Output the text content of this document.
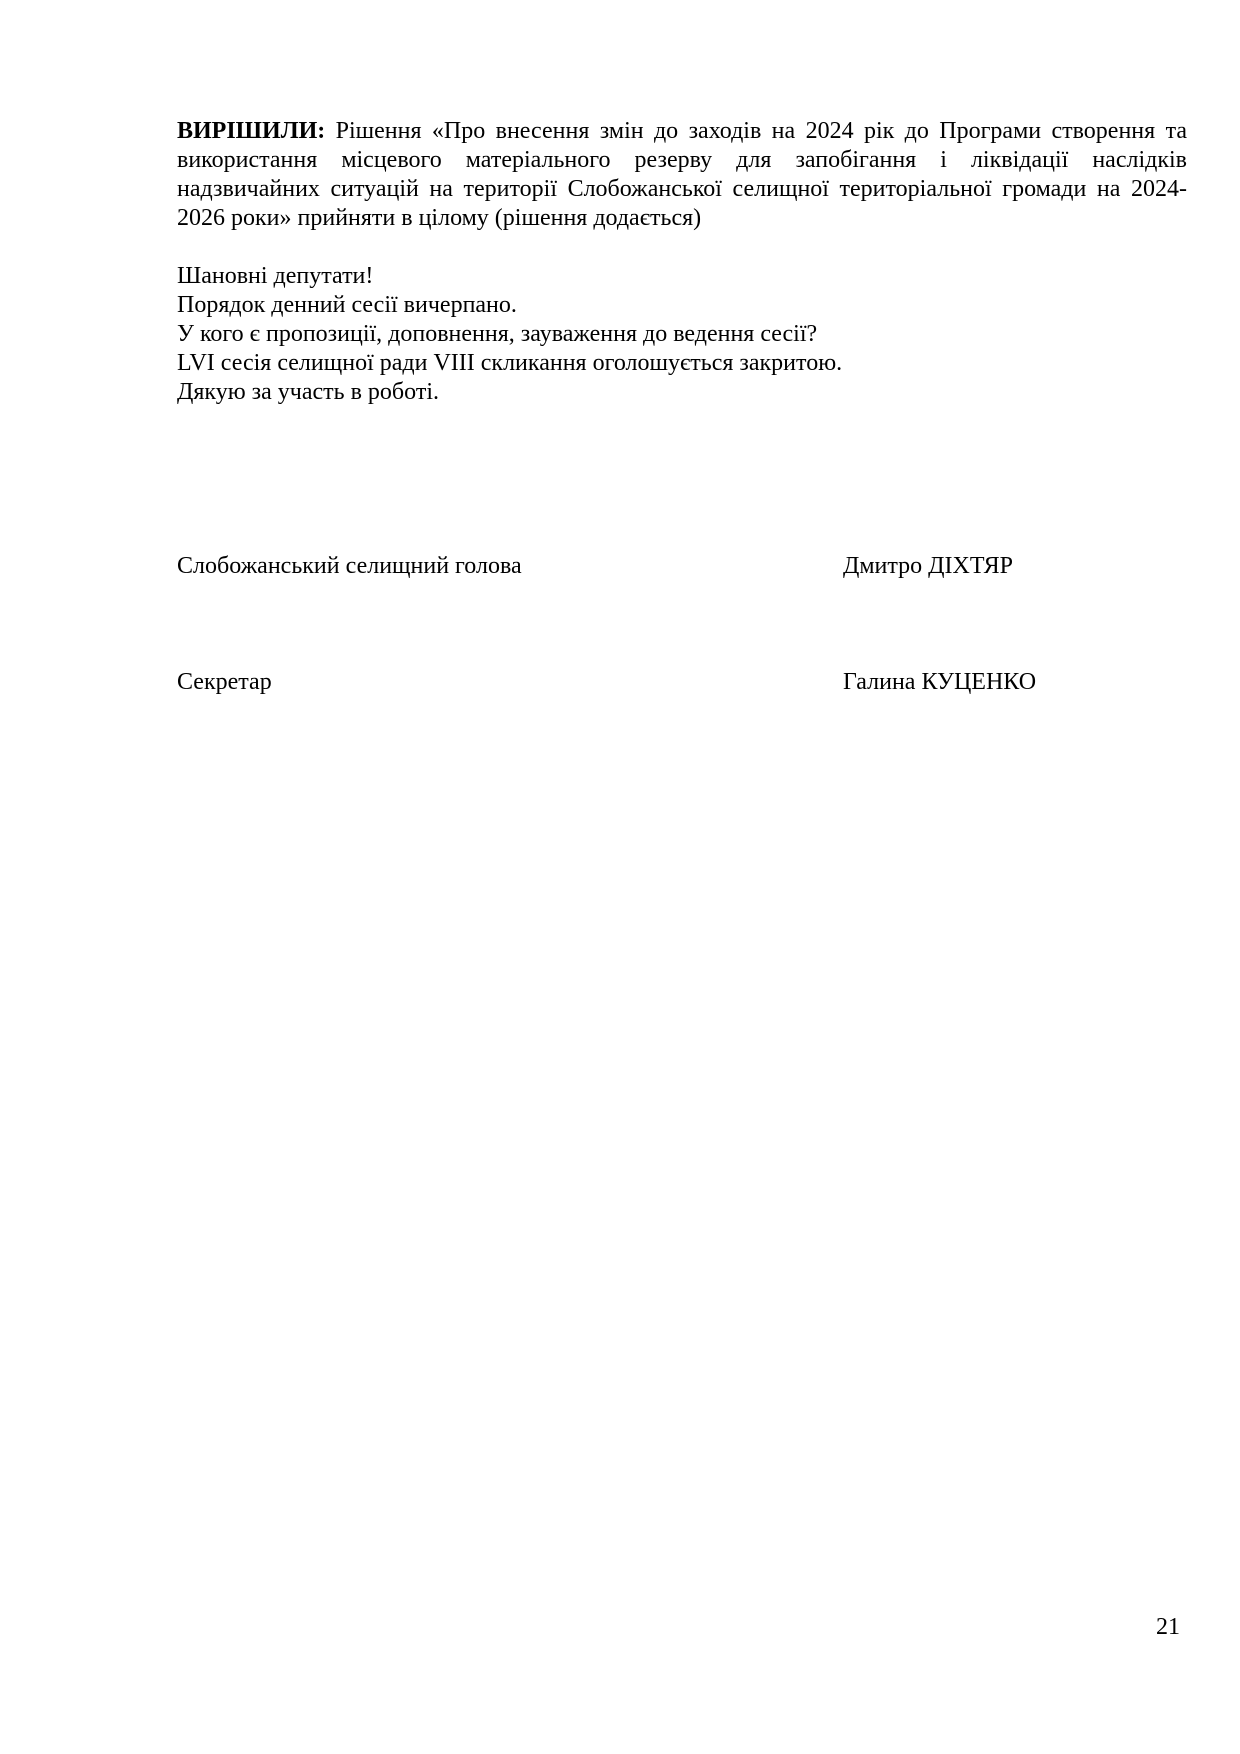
ВИРІШИЛИ: Рішення «Про внесення змін до заходів на 2024 рік до Програми створення та використання місцевого матеріального резерву для запобігання і ліквідації наслідків надзвичайних ситуацій на території Слобожанської селищної територіальної громади на 2024-2026 роки» прийняти в цілому (рішення додається)

Шановні депутати!
Порядок денний сесії вичерпано.
У кого є пропозиції, доповнення, зауваження до ведення сесії?
LVI сесія селищної ради VIII скликання оголошується закритою.
Дякую за участь в роботі.
Слобожанський селищний голова	Дмитро ДІХТЯР
Секретар	Галина КУЦЕНКО
21
